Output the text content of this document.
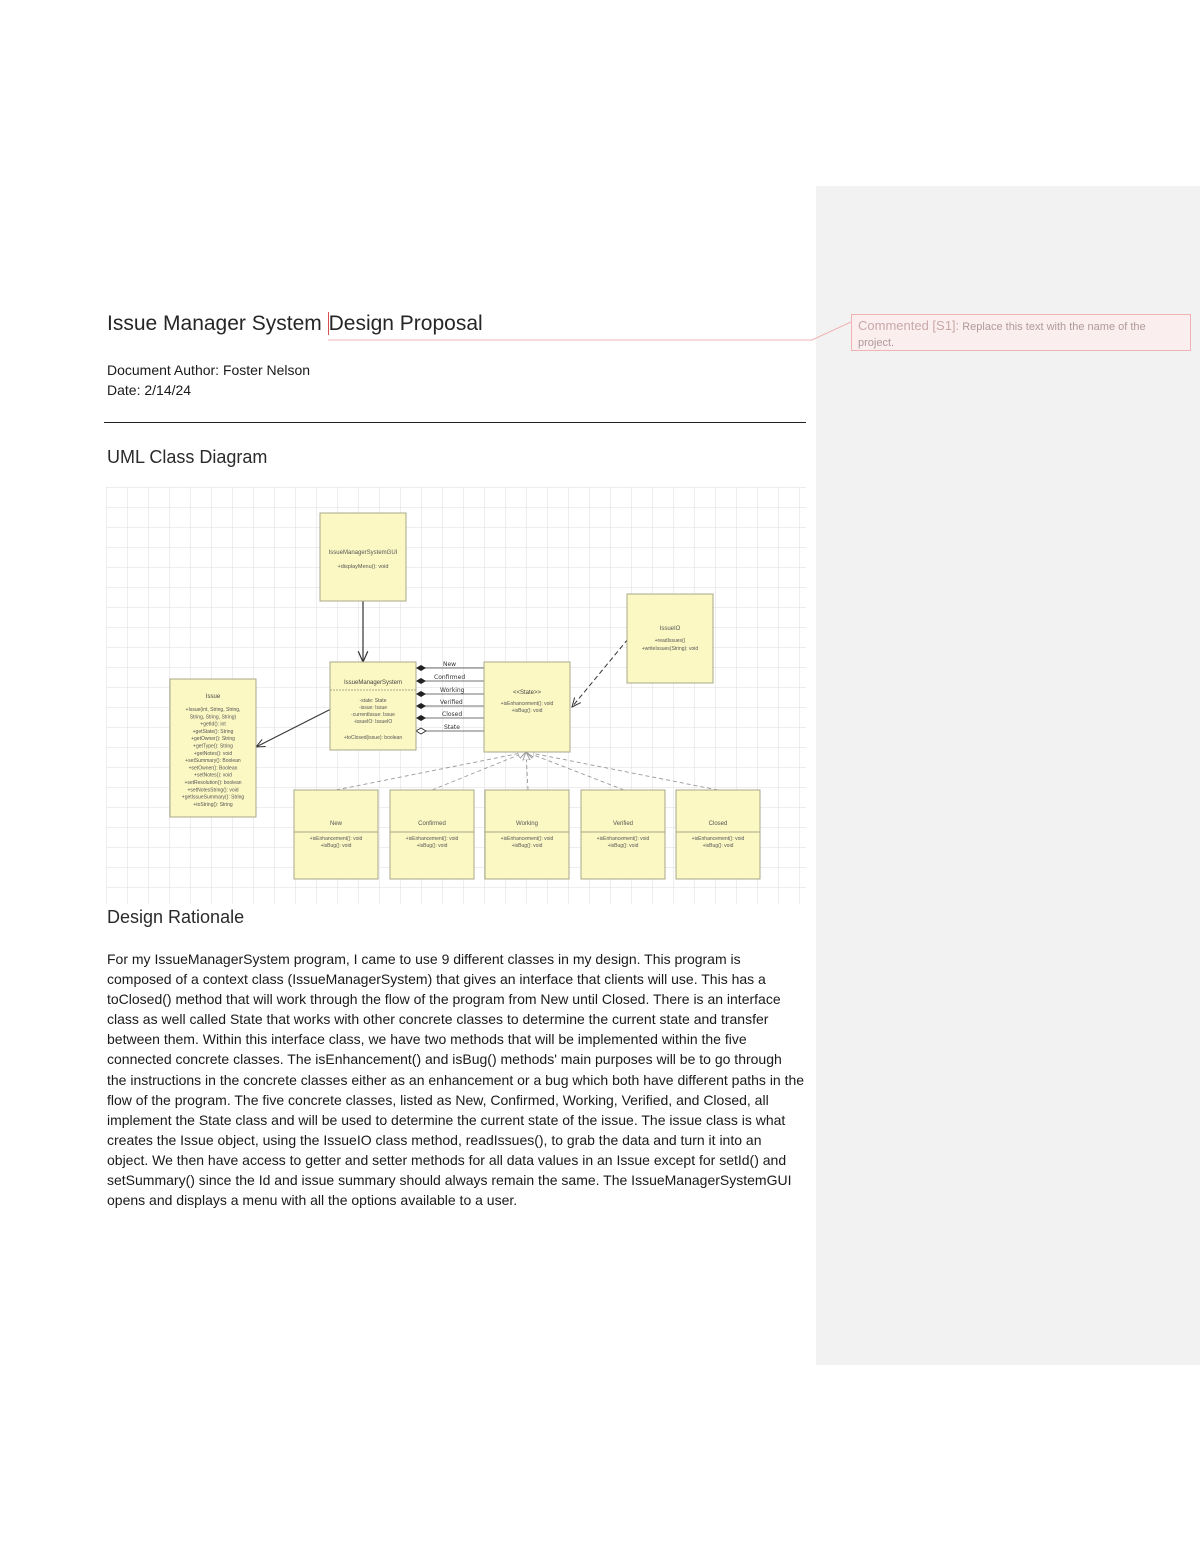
Commented [S1]: Replace this text with the name of the project.
Issue Manager System Design Proposal
Document Author: Foster Nelson
Date: 2/14/24
UML Class Diagram
New
Confirmed
Working
Verified
Closed
State
IssueManagerSystemGUI
+displayMenu(): void
IssueManagerSystem
-state: State
-issue: Issue
-currentIssue: Issue
-issueIO: IssueIO
+toClosed(issue): boolean
<<State>>
+isEnhancement(): void
+isBug(): void
IssueIO
+readIssues()
+writeIssues(String): void
Issue
+Issue(int, String, String,
String, String, String)
+getId(): int
+getState(): String
+getOwner(): String
+getType(): String
+getNotes(): void
+setSummary(): Boolean
+setOwner(): Boolean
+setNotes(): void
+setResolution(): boolean
+setNotesString(): void
+getIssueSummary(): String
+toString(): String
New
+isEnhancement(): void
+isBug(): void
Confirmed
+isEnhancement(): void
+isBug(): void
Working
+isEnhancement(): void
+isBug(): void
Verified
+isEnhancement(): void
+isBug(): void
Closed
+isEnhancement(): void
+isBug(): void
Design Rationale
For my IssueManagerSystem program, I came to use 9 different classes in my design. This program is composed of a context class (IssueManagerSystem) that gives an interface that clients will use. This has a toClosed() method that will work through the flow of the program from New until Closed. There is an interface class as well called State that works with other concrete classes to determine the current state and transfer between them. Within this interface class, we have two methods that will be implemented within the five connected concrete classes. The isEnhancement() and isBug() methods' main purposes will be to go through the instructions in the concrete classes either as an enhancement or a bug which both have different paths in the flow of the program. The five concrete classes, listed as New, Confirmed, Working, Verified, and Closed, all implement the State class and will be used to determine the current state of the issue. The issue class is what creates the Issue object, using the IssueIO class method, readIssues(), to grab the data and turn it into an object. We then have access to getter and setter methods for all data values in an Issue except for setId() and setSummary() since the Id and issue summary should always remain the same. The IssueManagerSystemGUI opens and displays a menu with all the options available to a user.
